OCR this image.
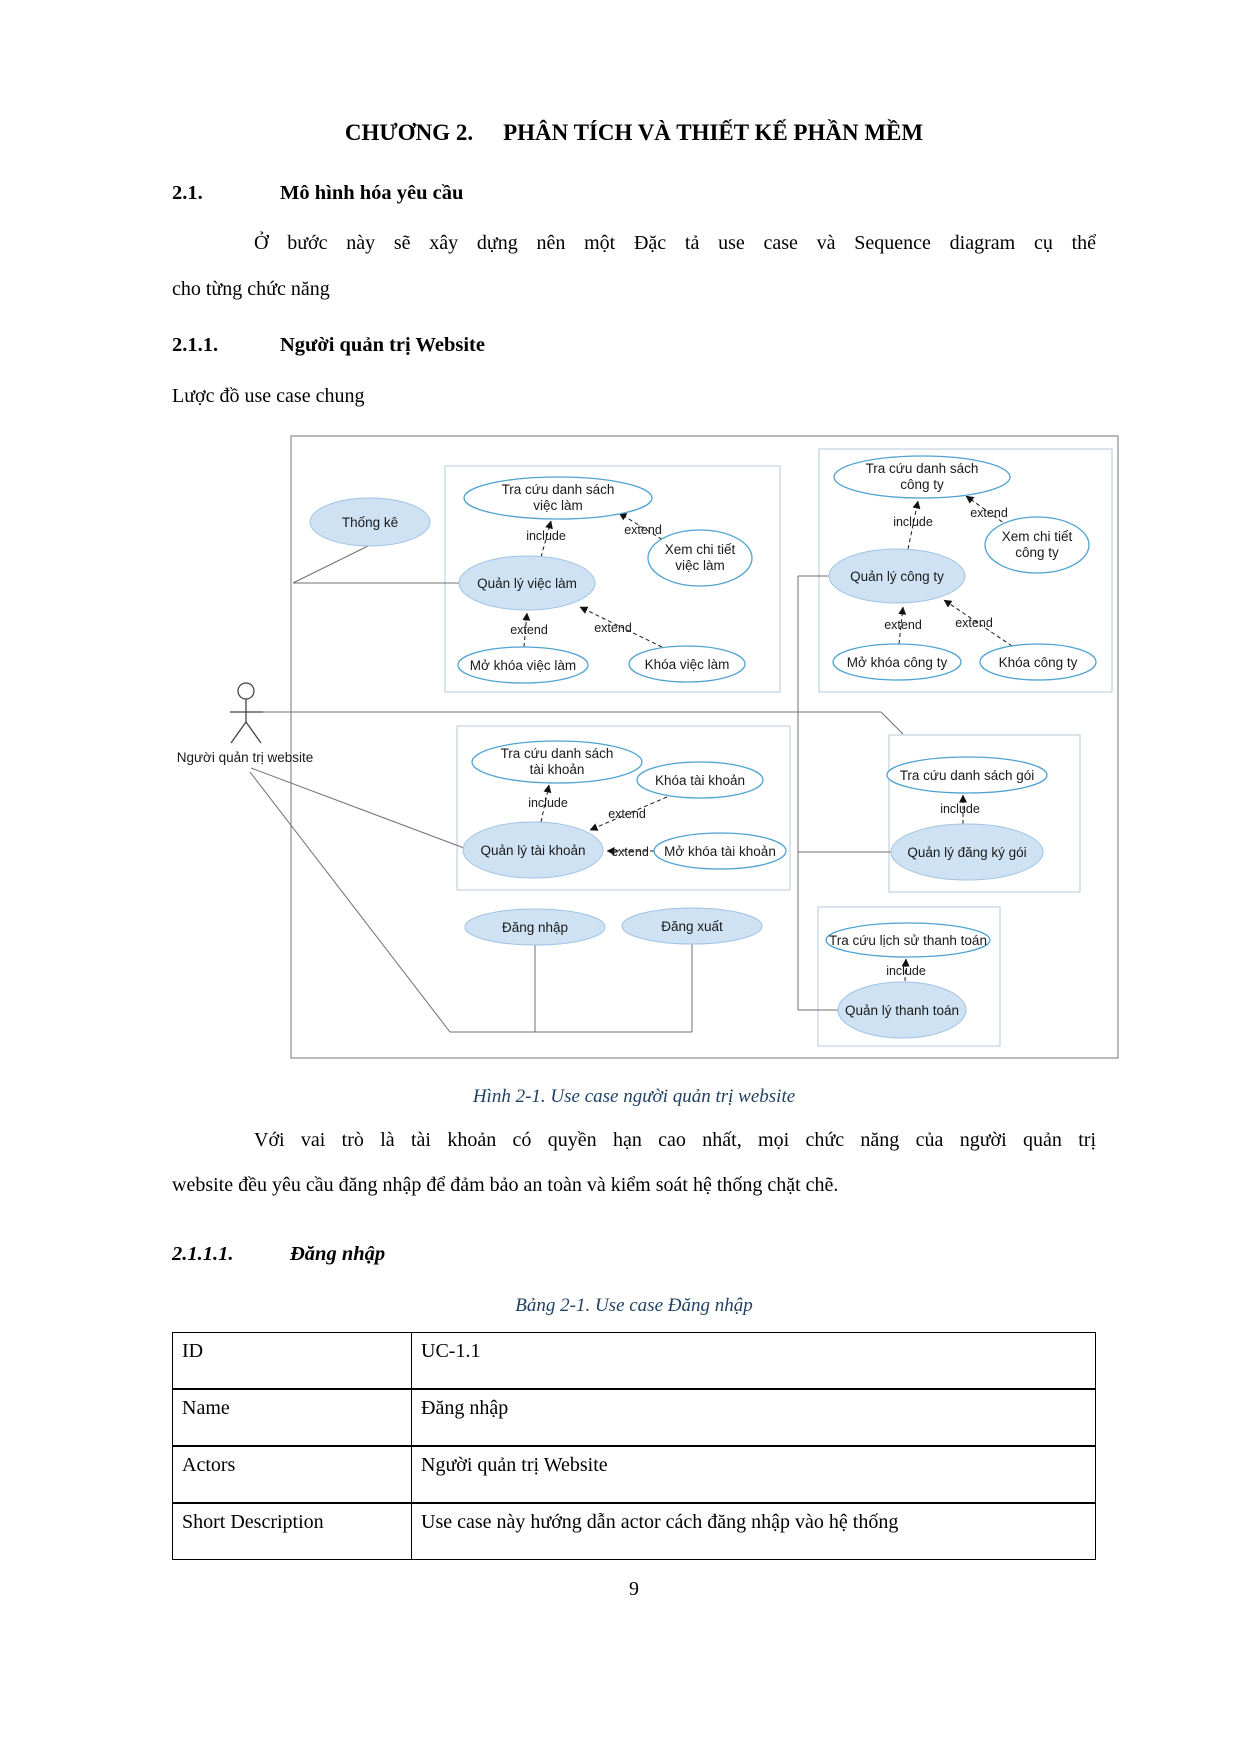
CHƯƠNG 2. PHÂN TÍCH VÀ THIẾT KẾ PHẦN MỀM
2.1.	Mô hình hóa yêu cầu
Ở bước này sẽ xây dựng nên một Đặc tả use case và Sequence diagram cụ thể
cho từng chức năng
2.1.1.	Người quản trị Website
Lược đồ use case chung
include	extend
extend	extend
include
extend
extend	extend
include
extend
extend
include
include
Người quản trị website
Thống kê
Quản lý việc làm	Quản lý công ty
Quản lý tài khoản	Quản lý đăng ký gói
Đăng nhập	Đăng xuất
Quản lý thanh toán
Tra cứu danh sách
việc làm
Xem chi tiết
việc làm
Mở khóa việc làm	Khóa việc làm
Tra cứu danh sách
công ty
Xem chi tiết
công ty
Mở khóa công ty	Khóa công ty
Tra cứu danh sách
tài khoản
Khóa tài khoản
Mở khóa tài khoản
Tra cứu danh sách gói
Tra cứu lịch sử thanh toán
Hình 2-1. Use case người quản trị website
Với vai trò là tài khoản có quyền hạn cao nhất, mọi chức năng của người quản trị
website đều yêu cầu đăng nhập để đảm bảo an toàn và kiểm soát hệ thống chặt chẽ.
2.1.1.1.	Đăng nhập
Bảng 2-1. Use case Đăng nhập
ID	UC-1.1
Name	Đăng nhập
Actors	Người quản trị Website
Short Description	Use case này hướng dẫn actor cách đăng nhập vào hệ thống
9
